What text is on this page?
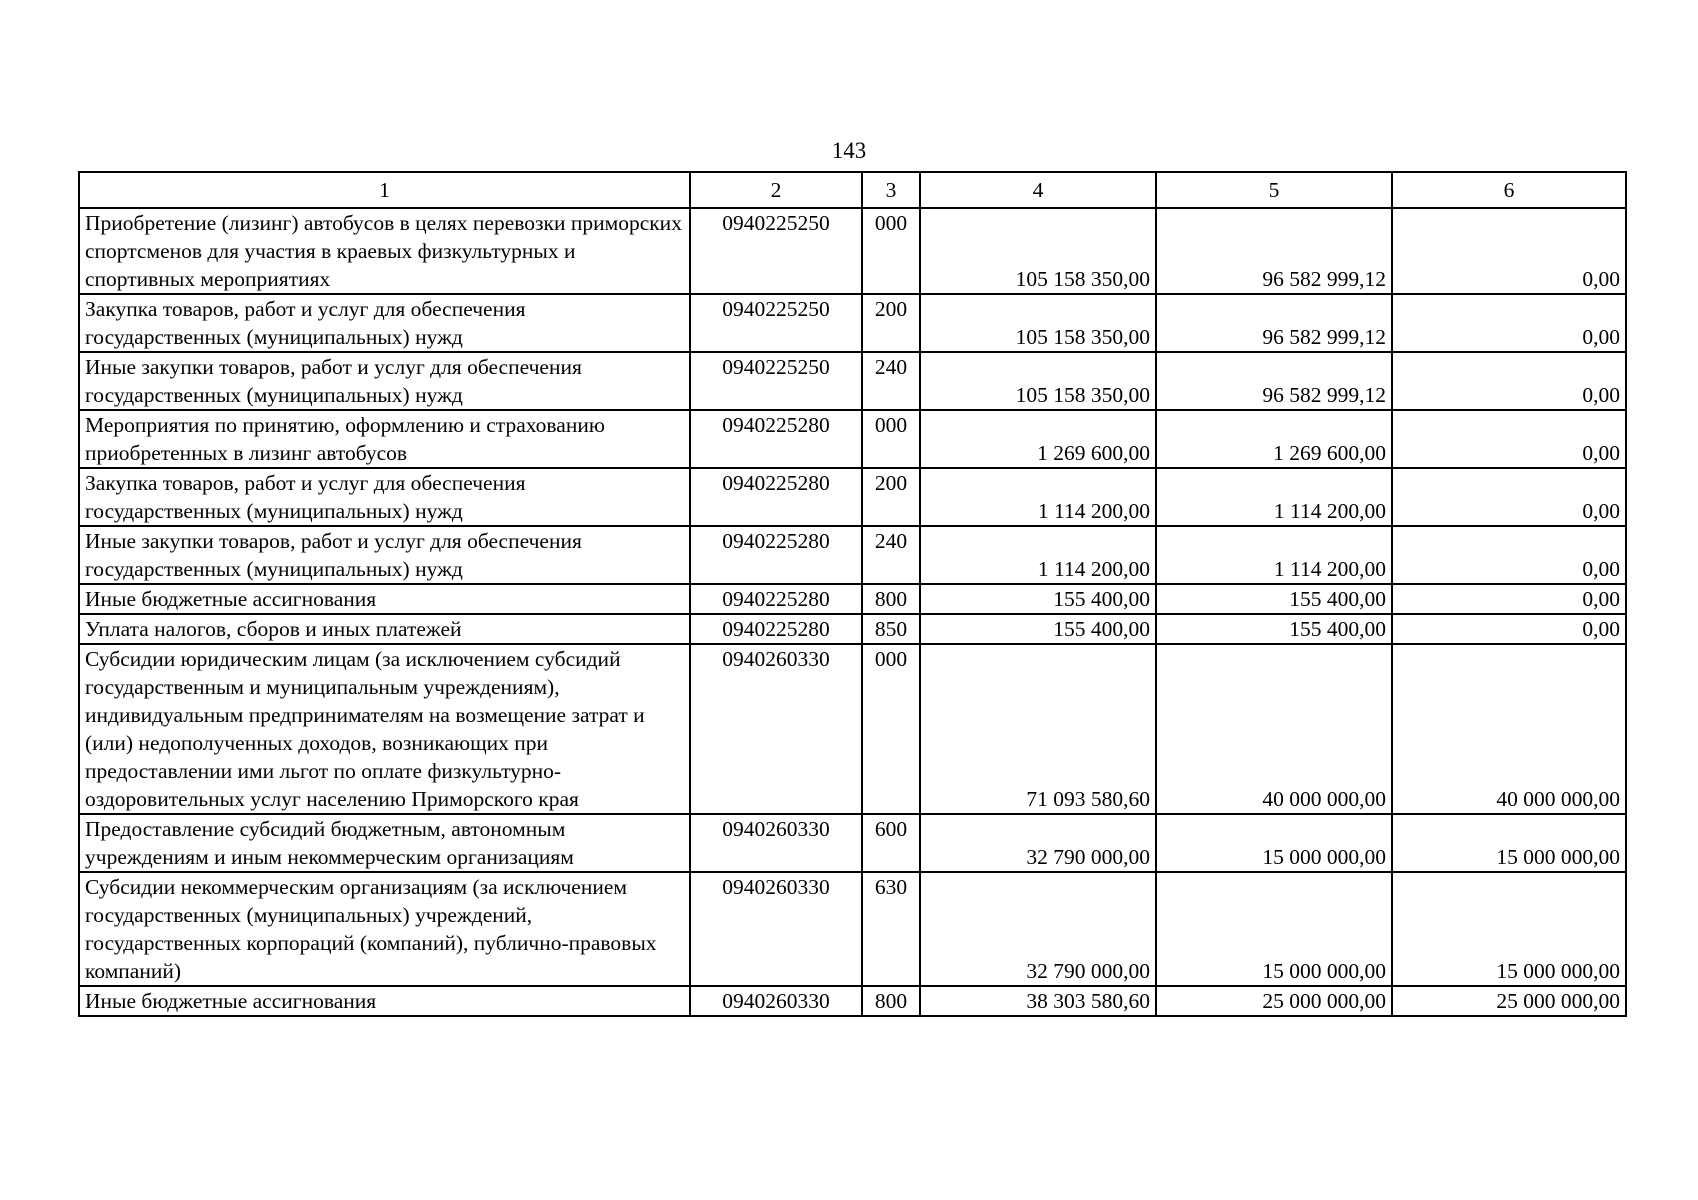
143
1	2	3	4	5	6
Приобретение (лизинг) автобусов в целях перевозки приморских спортсменов для участия в краевых физкультурных и спортивных мероприятиях	0940225250	000	105 158 350,00	96 582 999,12	0,00
Закупка товаров, работ и услуг для обеспечения государственных (муниципальных) нужд	0940225250	200	105 158 350,00	96 582 999,12	0,00
Иные закупки товаров, работ и услуг для обеспечения государственных (муниципальных) нужд	0940225250	240	105 158 350,00	96 582 999,12	0,00
Мероприятия по принятию, оформлению и страхованию приобретенных в лизинг автобусов	0940225280	000	1 269 600,00	1 269 600,00	0,00
Закупка товаров, работ и услуг для обеспечения государственных (муниципальных) нужд	0940225280	200	1 114 200,00	1 114 200,00	0,00
Иные закупки товаров, работ и услуг для обеспечения государственных (муниципальных) нужд	0940225280	240	1 114 200,00	1 114 200,00	0,00
Иные бюджетные ассигнования	0940225280	800	155 400,00	155 400,00	0,00
Уплата налогов, сборов и иных платежей	0940225280	850	155 400,00	155 400,00	0,00
Субсидии юридическим лицам (за исключением субсидий государственным и муниципальным учреждениям), индивидуальным предпринимателям на возмещение затрат и (или) недополученных доходов, возникающих при предоставлении ими льгот по оплате физкультурно-оздоровительных услуг населению Приморского края	0940260330	000	71 093 580,60	40 000 000,00	40 000 000,00
Предоставление субсидий бюджетным, автономным учреждениям и иным некоммерческим организациям	0940260330	600	32 790 000,00	15 000 000,00	15 000 000,00
Субсидии некоммерческим организациям (за исключением государственных (муниципальных) учреждений, государственных корпораций (компаний), публично-правовых компаний)	0940260330	630	32 790 000,00	15 000 000,00	15 000 000,00
Иные бюджетные ассигнования	0940260330	800	38 303 580,60	25 000 000,00	25 000 000,00
